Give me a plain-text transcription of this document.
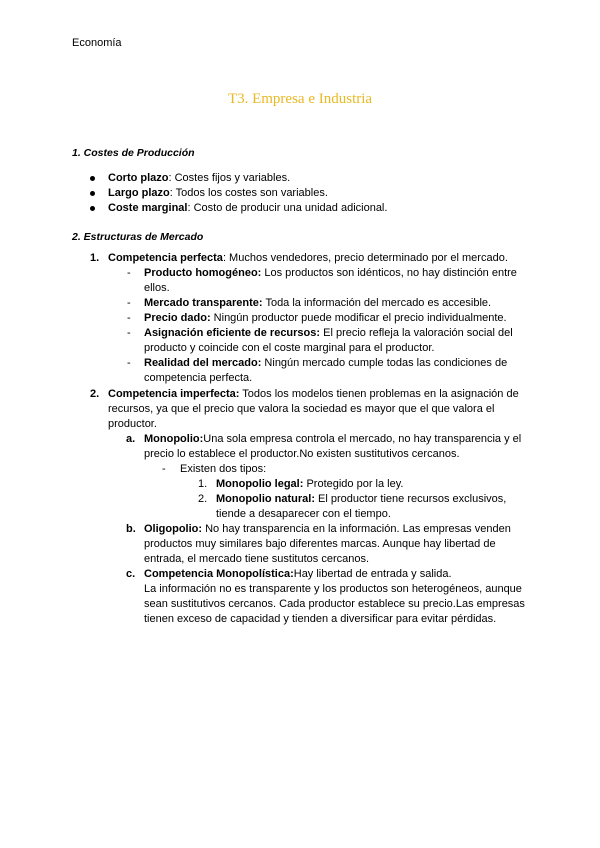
Economía
T3. Empresa e Industria

1. Costes de Producción

Corto plazo: Costes fijos y variables.
Largo plazo: Todos los costes son variables.
Coste marginal: Costo de producir una unidad adicional.

2. Estructuras de Mercado

1. Competencia perfecta: Muchos vendedores, precio determinado por el mercado.
- Producto homogéneo: Los productos son idénticos, no hay distinción entre ellos.
- Mercado transparente: Toda la información del mercado es accesible.
- Precio dado: Ningún productor puede modificar el precio individualmente.
- Asignación eficiente de recursos: El precio refleja la valoración social del producto y coincide con el coste marginal para el productor.
- Realidad del mercado: Ningún mercado cumple todas las condiciones de competencia perfecta.
2. Competencia imperfecta: Todos los modelos tienen problemas en la asignación de recursos, ya que el precio que valora la sociedad es mayor que el que valora el productor.
a. Monopolio:Una sola empresa controla el mercado, no hay transparencia y el precio lo establece el productor.No existen sustitutivos cercanos.
- Existen dos tipos:
1. Monopolio legal: Protegido por la ley.
2. Monopolio natural: El productor tiene recursos exclusivos, tiende a desaparecer con el tiempo.
b. Oligopolio: No hay transparencia en la información. Las empresas venden productos muy similares bajo diferentes marcas. Aunque hay libertad de entrada, el mercado tiene sustitutos cercanos.
c. Competencia Monopolística:Hay libertad de entrada y salida.
La información no es transparente y los productos son heterogéneos, aunque sean sustitutivos cercanos. Cada productor establece su precio.Las empresas tienen exceso de capacidad y tienden a diversificar para evitar pérdidas.
